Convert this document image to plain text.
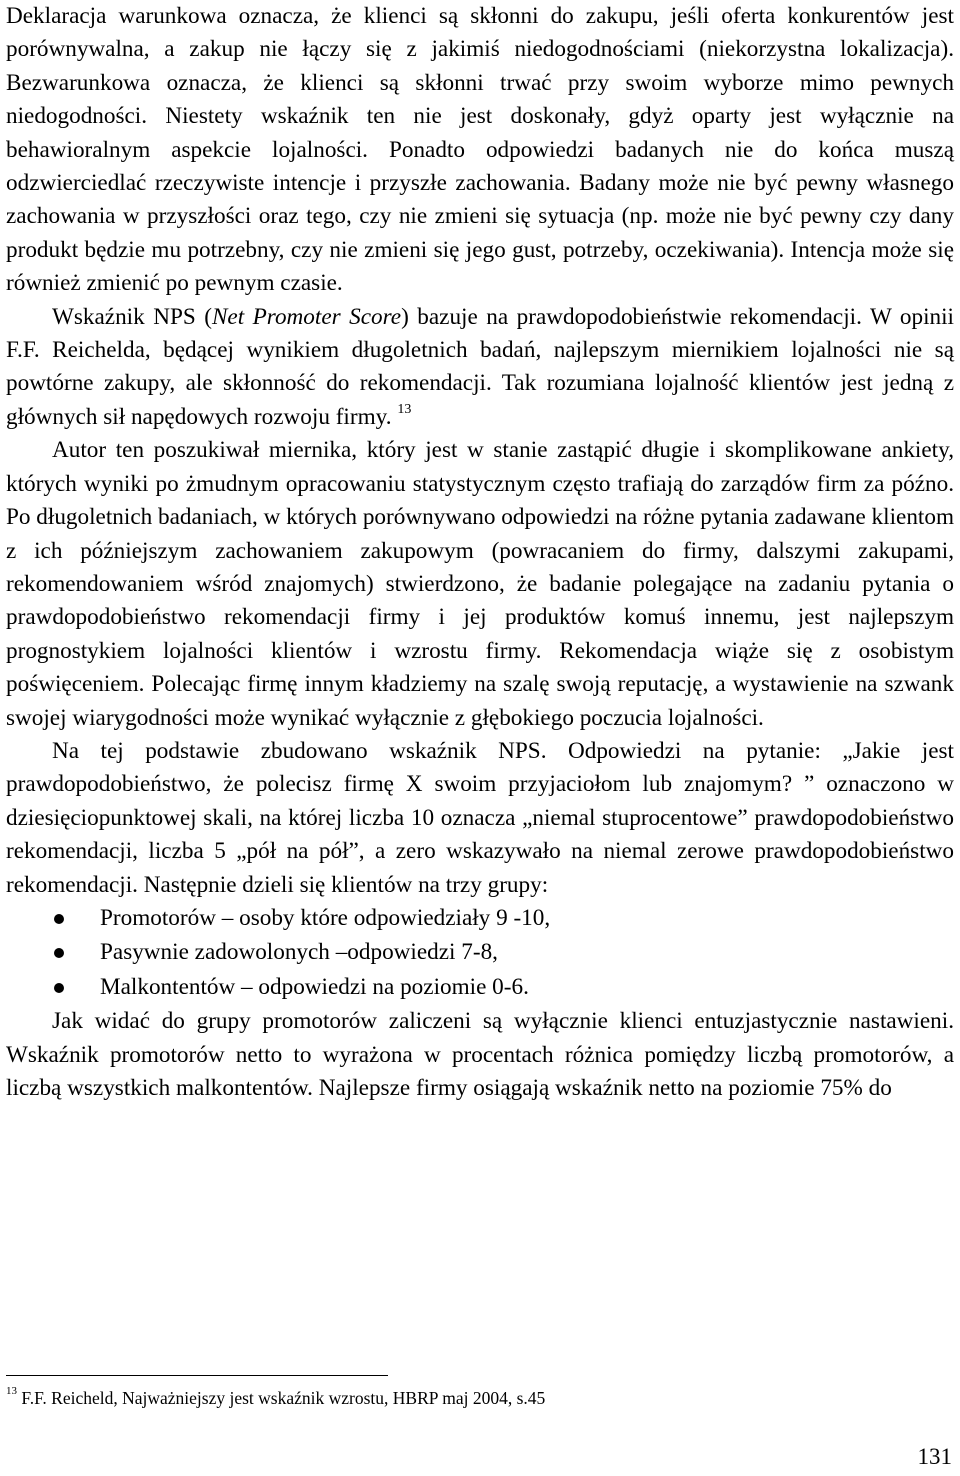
Deklaracja warunkowa oznacza, że klienci są skłonni do zakupu, jeśli oferta konkurentów jest porównywalna, a zakup nie łączy się z jakimiś niedogodnościami (niekorzystna lokalizacja). Bezwarunkowa oznacza, że klienci są skłonni trwać przy swoim wyborze mimo pewnych niedogodności. Niestety wskaźnik ten nie jest doskonały, gdyż oparty jest wyłącznie na behawioralnym aspekcie lojalności. Ponadto odpowiedzi badanych nie do końca muszą odzwierciedlać rzeczywiste intencje i przyszłe zachowania. Badany może nie być pewny własnego zachowania w przyszłości oraz tego, czy nie zmieni się sytuacja (np. może nie być pewny czy dany produkt będzie mu potrzebny, czy nie zmieni się jego gust, potrzeby, oczekiwania). Intencja może się również zmienić po pewnym czasie.

Wskaźnik NPS (Net Promoter Score) bazuje na prawdopodobieństwie rekomendacji. W opinii F.F. Reichelda, będącej wynikiem długoletnich badań, najlepszym miernikiem lojalności nie są powtórne zakupy, ale skłonność do rekomendacji. Tak rozumiana lojalność klientów jest jedną z głównych sił napędowych rozwoju firmy. $^{13}$

Autor ten poszukiwał miernika, który jest w stanie zastąpić długie i skomplikowane ankiety, których wyniki po żmudnym opracowaniu statystycznym często trafiają do zarządów firm za późno. Po długoletnich badaniach, w których porównywano odpowiedzi na różne pytania zadawane klientom z ich późniejszym zachowaniem zakupowym (powracaniem do firmy, dalszymi zakupami, rekomendowaniem wśród znajomych) stwierdzono, że badanie polegające na zadaniu pytania o prawdopodobieństwo rekomendacji firmy i jej produktów komuś innemu, jest najlepszym prognostykiem lojalności klientów i wzrostu firmy. Rekomendacja wiąże się z osobistym poświęceniem. Polecając firmę innym kładziemy na szalę swoją reputację, a wystawienie na szwank swojej wiarygodności może wynikać wyłącznie z głębokiego poczucia lojalności.

Na tej podstawie zbudowano wskaźnik NPS. Odpowiedzi na pytanie: „Jakie jest prawdopodobieństwo, że polecisz firmę X swoim przyjaciołom lub znajomym? ” oznaczono w dziesięciopunktowej skali, na której liczba 10 oznacza „niemal stuprocentowe” prawdopodobieństwo rekomendacji, liczba 5 „pół na pół”, a zero wskazywało na niemal zerowe prawdopodobieństwo rekomendacji. Następnie dzieli się klientów na trzy grupy:

Promotorów – osoby które odpowiedziały 9 -10,
Pasywnie zadowolonych –odpowiedzi 7-8,
Malkontentów – odpowiedzi na poziomie 0-6.

Jak widać do grupy promotorów zaliczeni są wyłącznie klienci entuzjastycznie nastawieni. Wskaźnik promotorów netto to wyrażona w procentach różnica pomiędzy liczbą promotorów, a liczbą wszystkich malkontentów. Najlepsze firmy osiągają wskaźnik netto na poziomie 75% do

$^{13}$ F.F. Reicheld, Najważniejszy jest wskaźnik wzrostu, HBRP maj 2004, s.45
131
